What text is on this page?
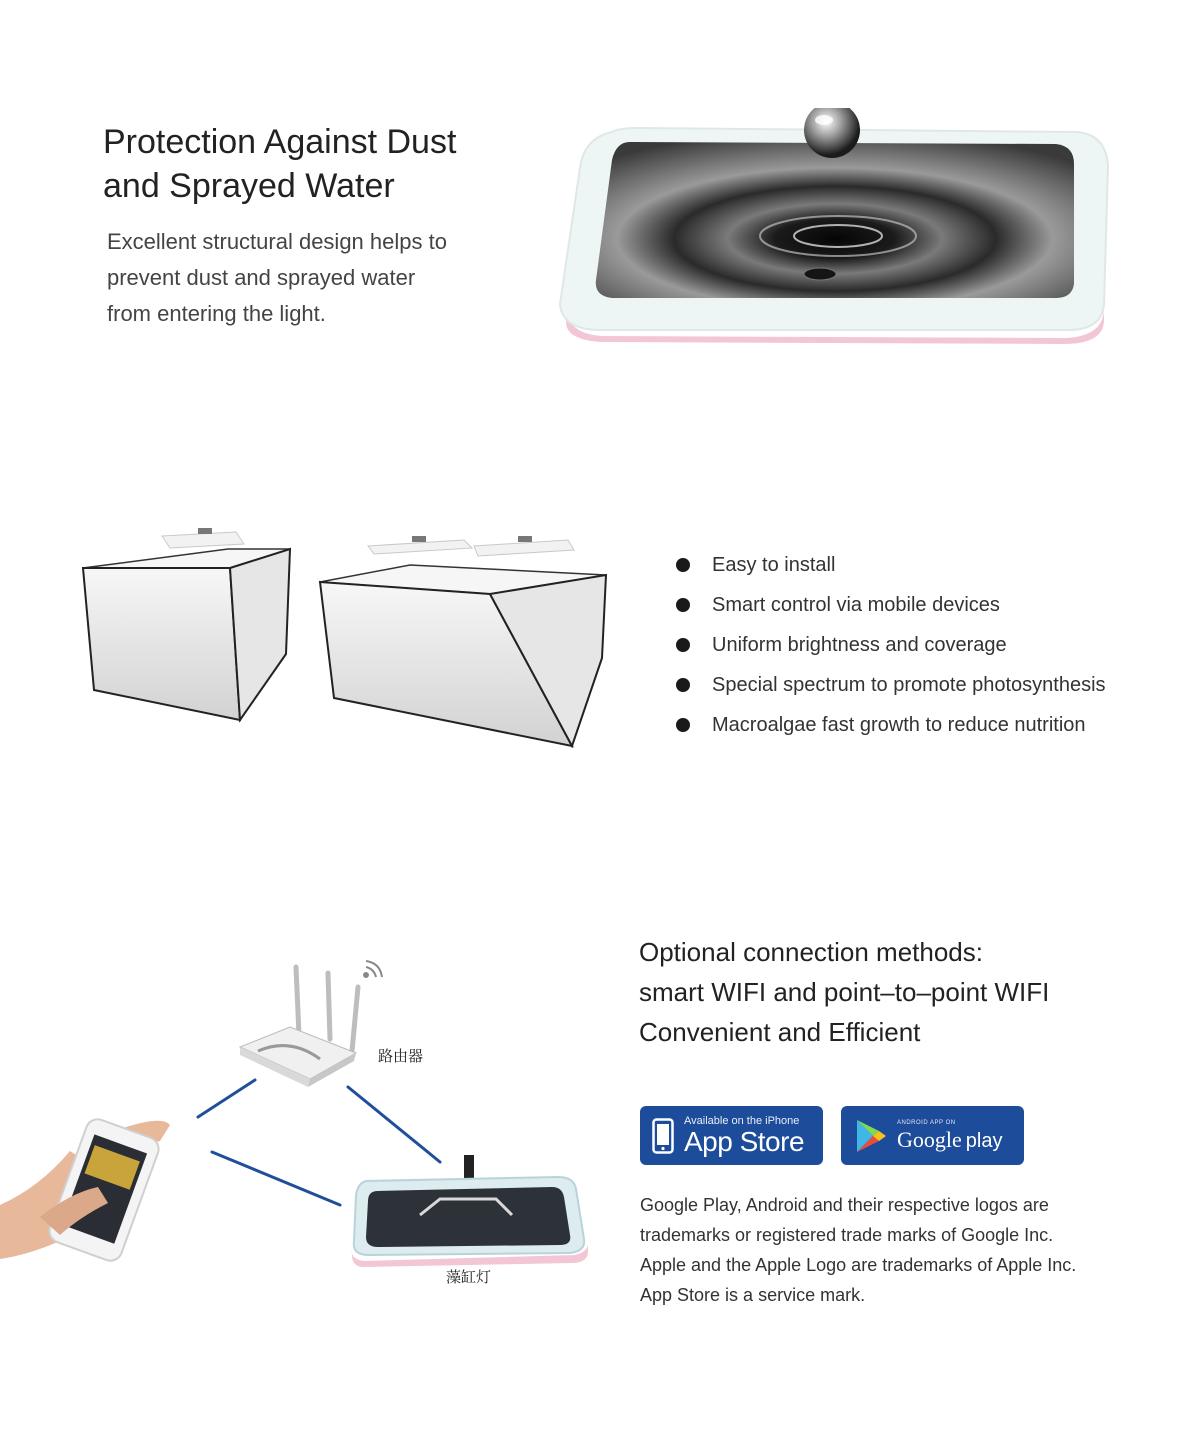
Protection Against Dust
and Sprayed Water

Excellent structural design helps to
prevent dust and sprayed water
from entering the light.

Easy to install
Smart control via mobile devices
Uniform brightness and coverage
Special spectrum to promote photosynthesis
Macroalgae fast growth to reduce nutrition
路由器
藻缸灯
Optional connection methods:
smart WIFI and point–to–point WIFI
Convenient and Efficient
Available on the iPhone
App Store
ANDROID APP ON
Google play

Google Play, Android and their respective logos are
trademarks or registered trade marks of Google Inc.
Apple and the Apple Logo are trademarks of Apple Inc.
App Store is a service mark.
